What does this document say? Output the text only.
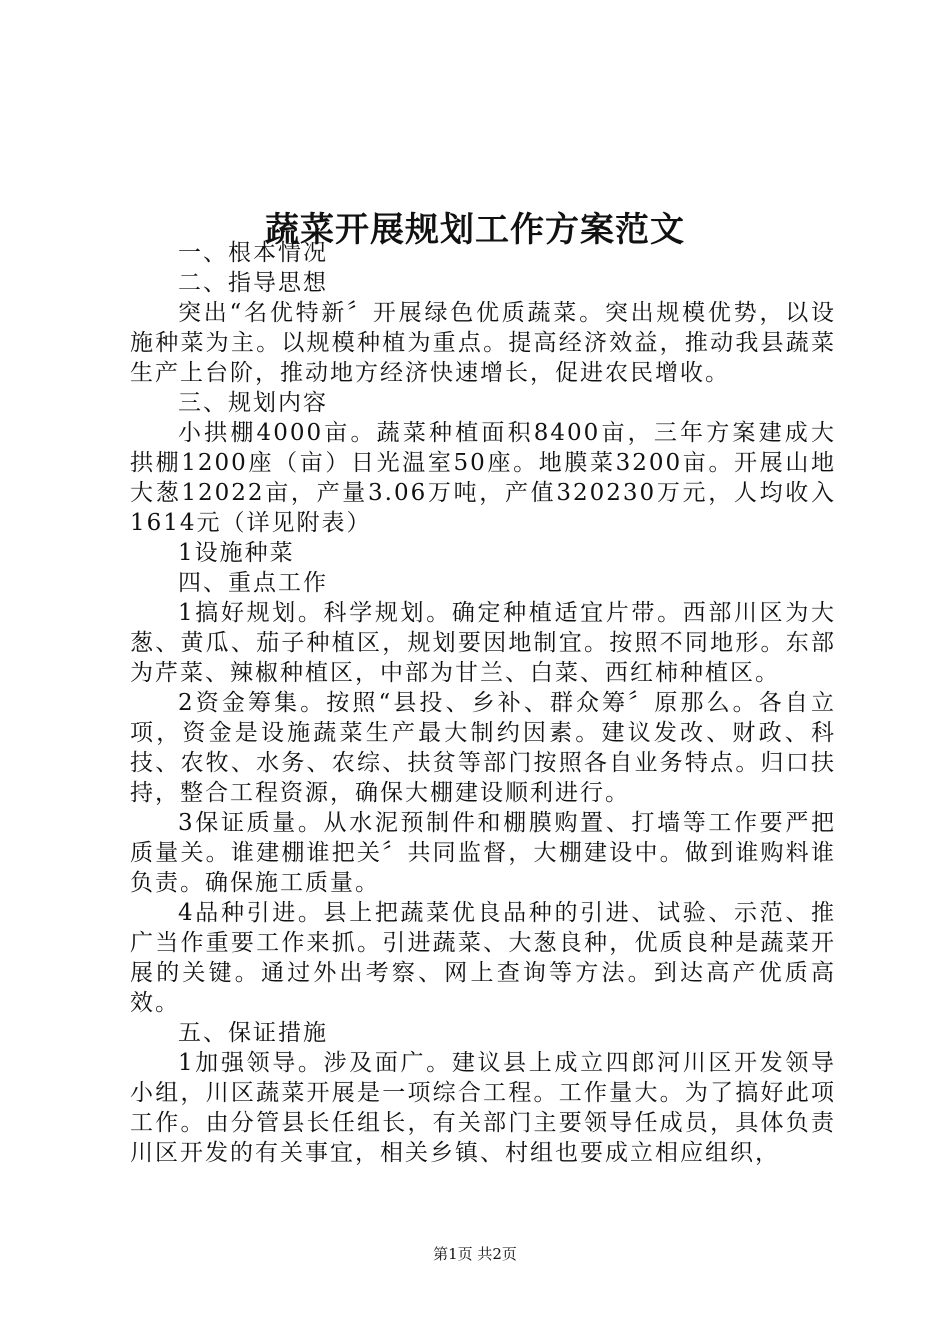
蔬菜开展规划工作方案范文

一、根本情况

二、指导思想

突出“名优特新〞开展绿色优质蔬菜。突出规模优势，以设施种菜为主。以规模种植为重点。提高经济效益，推动我县蔬菜生产上台阶，推动地方经济快速增长，促进农民增收。

三、规划内容

小拱棚4000亩。蔬菜种植面积8400亩，三年方案建成大拱棚1200座（亩）日光温室50座。地膜菜3200亩。开展山地大葱12022亩，产量3.06万吨，产值320230万元，人均收入1614元（详见附表）

1设施种菜

四、重点工作

1搞好规划。科学规划。确定种植适宜片带。西部川区为大葱、黄瓜、茄子种植区，规划要因地制宜。按照不同地形。东部为芹菜、辣椒种植区，中部为甘兰、白菜、西红柿种植区。

2资金筹集。按照“县投、乡补、群众筹〞原那么。各自立项，资金是设施蔬菜生产最大制约因素。建议发改、财政、科技、农牧、水务、农综、扶贫等部门按照各自业务特点。归口扶持，整合工程资源，确保大棚建设顺利进行。

3保证质量。从水泥预制件和棚膜购置、打墙等工作要严把质量关。谁建棚谁把关〞共同监督，大棚建设中。做到谁购料谁负责。确保施工质量。

4品种引进。县上把蔬菜优良品种的引进、试验、示范、推广当作重要工作来抓。引进蔬菜、大葱良种，优质良种是蔬菜开展的关键。通过外出考察、网上查询等方法。到达高产优质高效。

五、保证措施

1加强领导。涉及面广。建议县上成立四郎河川区开发领导小组，川区蔬菜开展是一项综合工程。工作量大。为了搞好此项工作。由分管县长任组长，有关部门主要领导任成员，具体负责川区开发的有关事宜，相关乡镇、村组也要成立相应组织，

第1页 共2页
